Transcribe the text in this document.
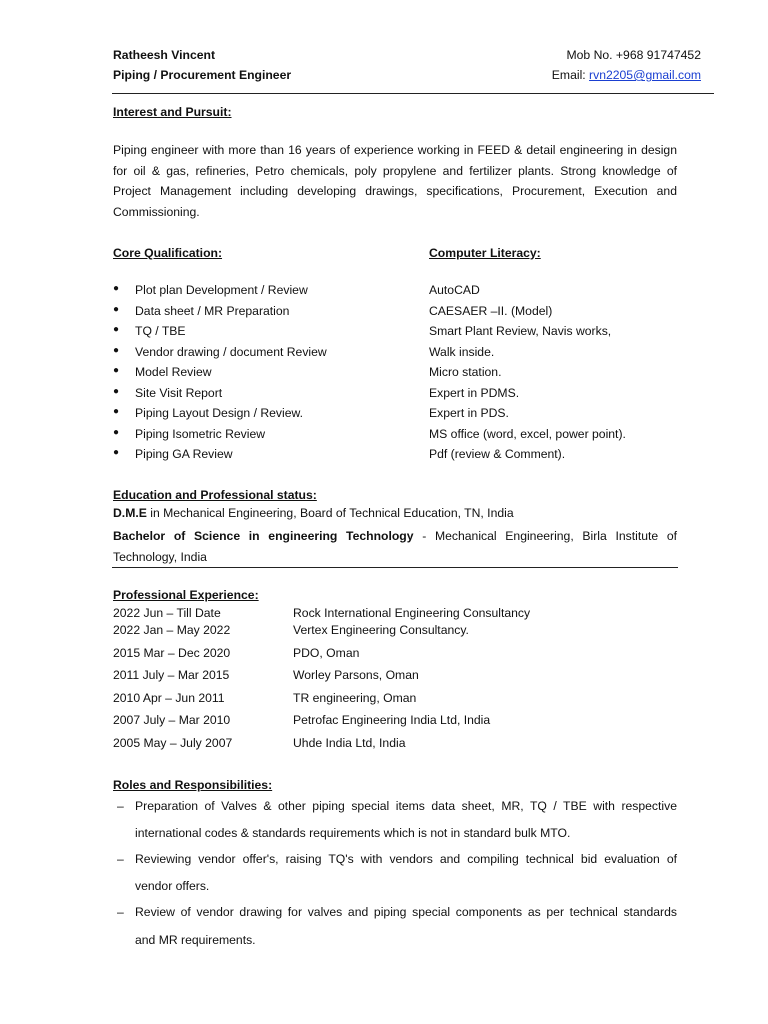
Ratheesh Vincent
Piping / Procurement Engineer
Mob No. +968 91747452
Email: rvn2205@gmail.com
Interest and Pursuit:
Piping engineer with more than 16 years of experience working in FEED & detail engineering in design for oil & gas, refineries, Petro chemicals, poly propylene and fertilizer plants. Strong knowledge of Project Management including developing drawings, specifications, Procurement, Execution and Commissioning.
Core Qualification:
● Plot plan Development / Review
● Data sheet / MR Preparation
● TQ / TBE
● Vendor drawing / document Review
● Model Review
● Site Visit Report
● Piping Layout Design / Review.
● Piping Isometric Review
● Piping GA Review
Computer Literacy:
AutoCAD
CAESAER –II. (Model)
Smart Plant Review, Navis works,
Walk inside.
Micro station.
Expert in PDMS.
Expert in PDS.
MS office (word, excel, power point).
Pdf (review & Comment).
Education and Professional status:
D.M.E in Mechanical Engineering, Board of Technical Education, TN, India
Bachelor of Science in engineering Technology - Mechanical Engineering, Birla Institute of Technology, India
Professional Experience:
2022 Jun – Till Date	Rock International Engineering Consultancy
2022 Jan – May 2022	Vertex Engineering Consultancy.
2015 Mar – Dec 2020	PDO, Oman
2011 July – Mar 2015	Worley Parsons, Oman
2010 Apr – Jun 2011	TR engineering, Oman
2007 July – Mar 2010	Petrofac Engineering India Ltd, India
2005 May – July 2007	Uhde India Ltd, India
Roles and Responsibilities:
– Preparation of Valves & other piping special items data sheet, MR, TQ / TBE with respective
international codes & standards requirements which is not in standard bulk MTO.
– Reviewing vendor offer's, raising TQ's with vendors and compiling technical bid evaluation of
vendor offers.
– Review of vendor drawing for valves and piping special components as per technical standards
and MR requirements.
